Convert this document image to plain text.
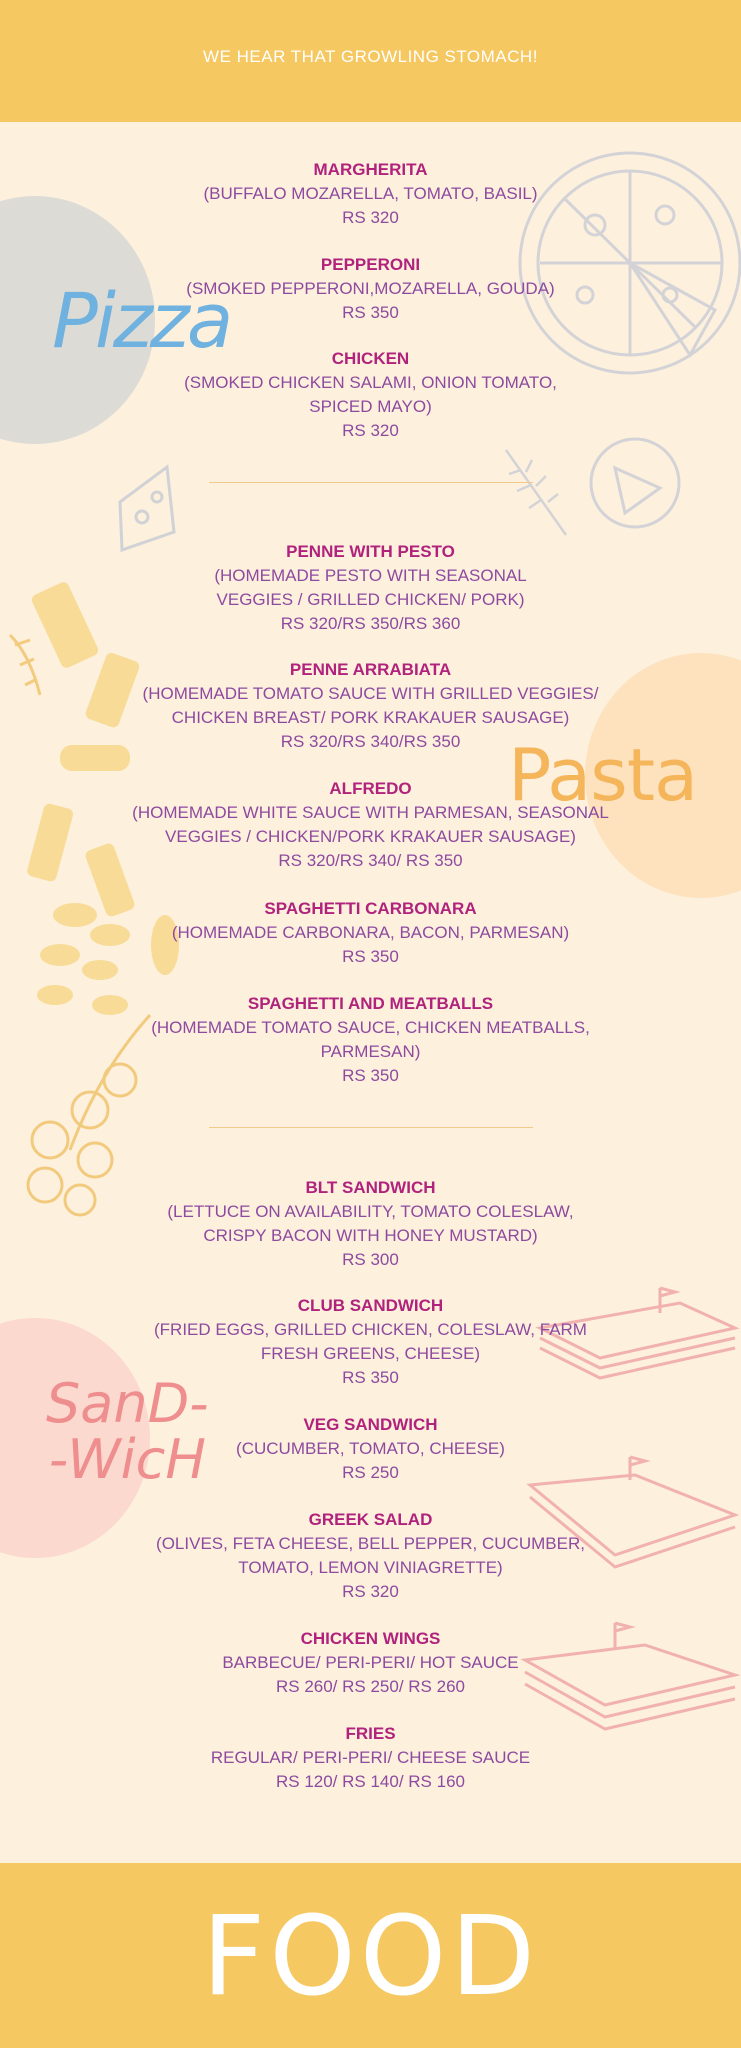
WE HEAR THAT GROWLING STOMACH!
Pizza
Pasta
SanD-
-WicH
MARGHERITA
(BUFFALO MOZARELLA, TOMATO, BASIL)
RS 320
PEPPERONI
(SMOKED PEPPERONI,MOZARELLA, GOUDA)
RS 350
CHICKEN
(SMOKED CHICKEN SALAMI, ONION TOMATO, SPICED MAYO)
RS 320
PENNE WITH PESTO
(HOMEMADE PESTO WITH SEASONAL VEGGIES / GRILLED CHICKEN/ PORK)
RS 320/RS 350/RS 360
PENNE ARRABIATA
(HOMEMADE TOMATO SAUCE WITH GRILLED VEGGIES/ CHICKEN BREAST/ PORK KRAKAUER SAUSAGE)
RS 320/RS 340/RS 350
ALFREDO
(HOMEMADE WHITE SAUCE WITH PARMESAN, SEASONAL VEGGIES / CHICKEN/PORK KRAKAUER SAUSAGE)
RS 320/RS 340/ RS 350
SPAGHETTI CARBONARA
(HOMEMADE CARBONARA, BACON, PARMESAN)
RS 350
SPAGHETTI AND MEATBALLS
(HOMEMADE TOMATO SAUCE, CHICKEN MEATBALLS, PARMESAN)
RS 350
BLT SANDWICH
(LETTUCE ON AVAILABILITY, TOMATO COLESLAW, CRISPY BACON WITH HONEY MUSTARD)
RS 300
CLUB SANDWICH
(FRIED EGGS, GRILLED CHICKEN, COLESLAW, FARM FRESH GREENS, CHEESE)
RS 350
VEG SANDWICH
(CUCUMBER, TOMATO, CHEESE)
RS 250
GREEK SALAD
(OLIVES, FETA CHEESE, BELL PEPPER, CUCUMBER, TOMATO, LEMON VINIAGRETTE)
RS 320
CHICKEN WINGS
BARBECUE/ PERI-PERI/ HOT SAUCE
RS 260/ RS 250/ RS 260
FRIES
REGULAR/ PERI-PERI/ CHEESE SAUCE
RS 120/ RS 140/ RS 160
FOOD
